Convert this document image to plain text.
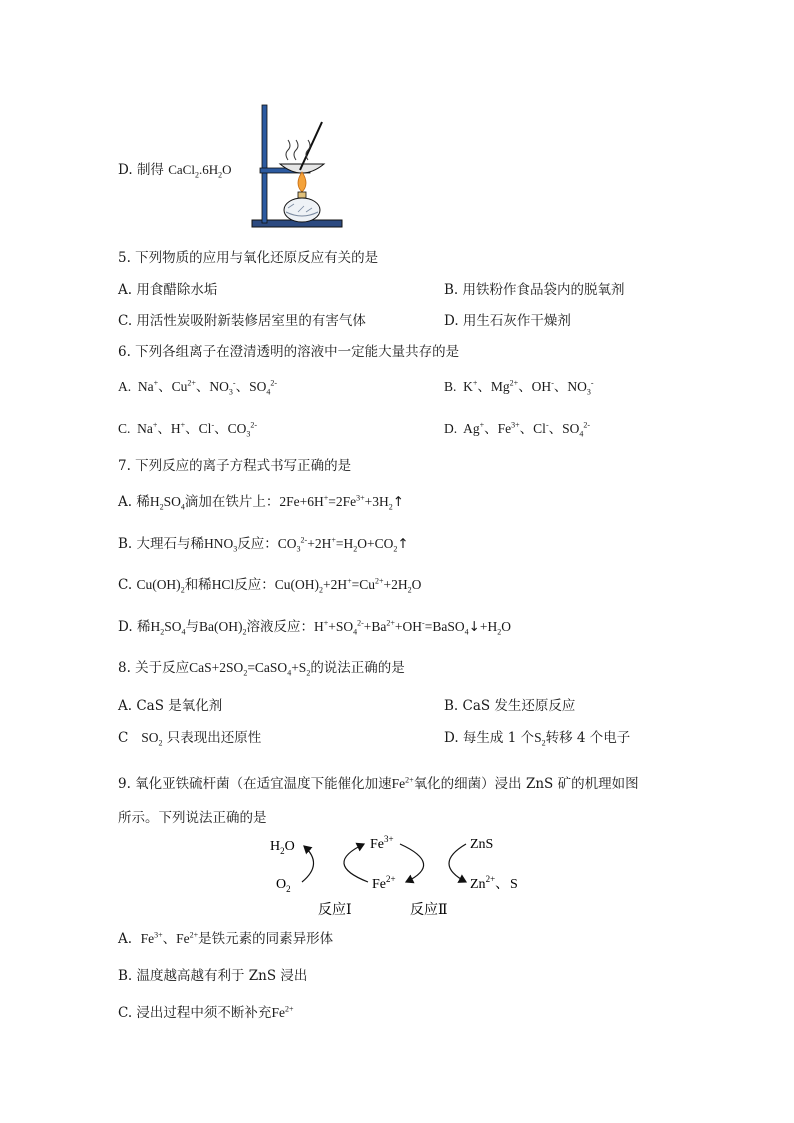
D. 制得 $CaCl_2.6H_2O$
5. 下列物质的应用与氧化还原反应有关的是
A. 用食醋除水垢	B. 用铁粉作食品袋内的脱氧剂
C. 用活性炭吸附新装修居室里的有害气体	D. 用生石灰作干燥剂
6. 下列各组离子在澄清透明的溶液中一定能大量共存的是
A.  Na+、$Cu^{2+}$、$NO_3^-$、$SO_4^{2-}$	B.  K+、$Mg^{2+}$、OH-、$NO_3^-$
C.  Na+、H+、Cl-、$CO_3^{2-}$	D.  Ag+、$Fe^{3+}$、Cl-、$SO_4^{2-}$
7. 下列反应的离子方程式书写正确的是
A. 稀$H_2SO_4$滴加在铁片上：$2Fe+6H^+=2Fe^{3+}+3H_2↑$
B. 大理石与稀$HNO_3$反应：$CO_3^{2-}+2H^+=H_2O+CO_2↑$
C. $Cu(OH)_2$和稀HCl反应：$Cu(OH)_2+2H^+=Cu^{2+}+2H_2O$
D. 稀$H_2SO_4$与$Ba(OH)_2$溶液反应：$H^++SO_4^{2-}+Ba^{2+}+OH^-=BaSO_4↓+H_2O$
8. 关于反应$CaS+2SO_2=CaSO_4+S_2$的说法正确的是
A. CaS 是氧化剂	B. CaS 发生还原反应
C $SO_2$ 只表现出还原性	D. 每生成 1 个$S_2$转移 4 个电子
9. 氧化亚铁硫杆菌（在适宜温度下能催化加速$Fe^{2+}$氧化的细菌）浸出 ZnS 矿的机理如图
所示。下列说法正确的是
$H_2O$
$O_2$
$Fe^{3+}$
$Fe^{2+}$
ZnS
$Zn^{2+}$、 S
反应Ⅰ	反应Ⅱ
A. $Fe^{3+}$、$Fe^{2+}$是铁元素的同素异形体
B. 温度越高越有利于 ZnS 浸出
C. 浸出过程中须不断补充$Fe^{2+}$
